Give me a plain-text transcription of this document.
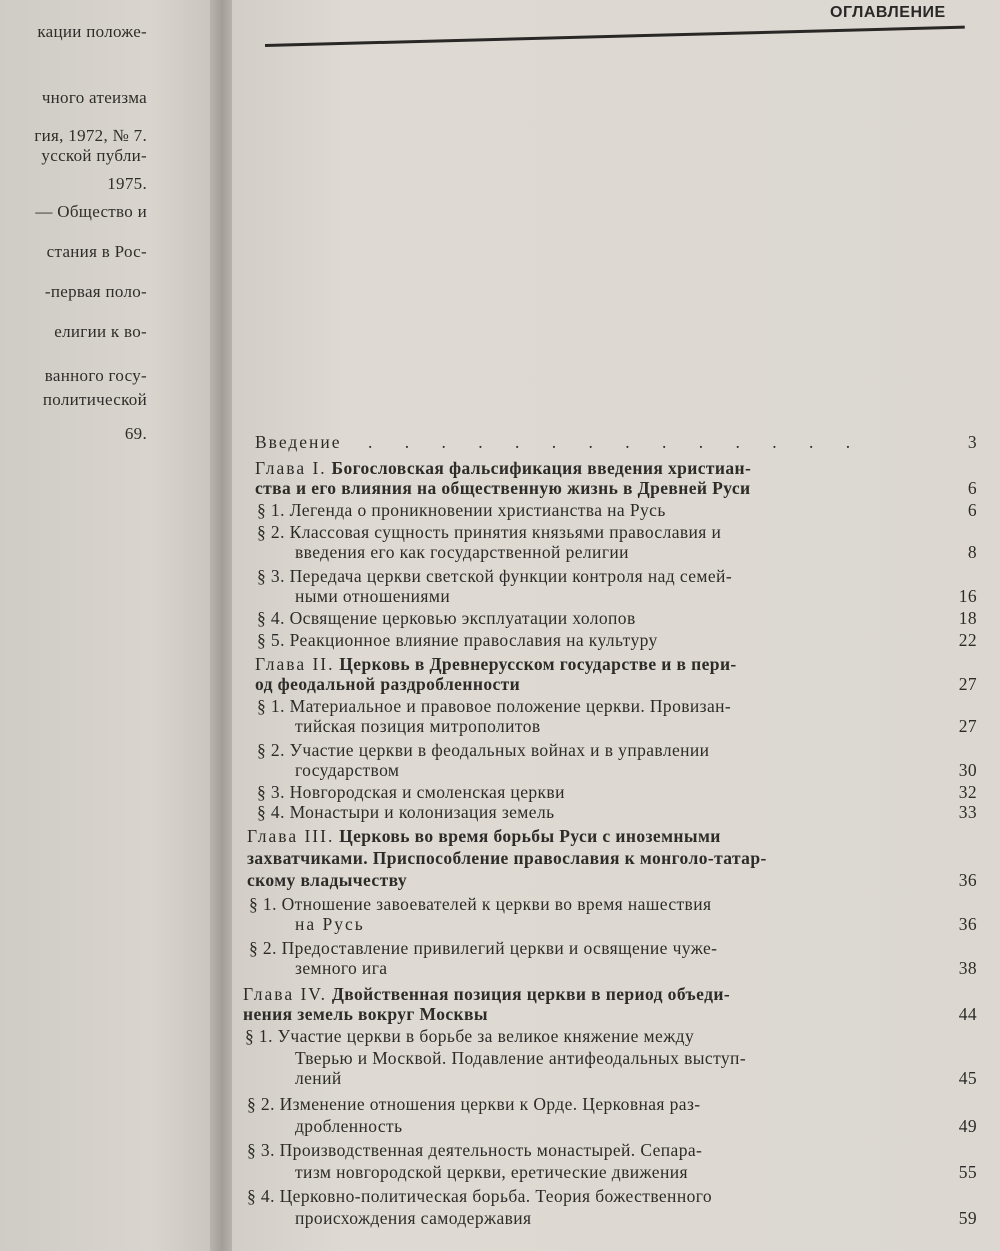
кации положе-
чного атеизма
гия, 1972, № 7.
усской публи-
1975.
— Общество и
стания в Рос-
-первая поло-
елигии к во-
ванного госу-
политической
69.
ОГЛАВЛЕНИЕ
Введение . . . . . . . . . . . . . .	3
Глава I. Богословская фальсификация введения христиан-
ства и его влияния на общественную жизнь в Древней Руси	6
§ 1. Легенда о проникновении христианства на Русь	6
§ 2. Классовая сущность принятия князьями православия и
введения его как государственной религии	8
§ 3. Передача церкви светской функции контроля над семей-
ными отношениями	16
§ 4. Освящение церковью эксплуатации холопов	18
§ 5. Реакционное влияние православия на культуру	22
Глава II. Церковь в Древнерусском государстве и в пери-
од феодальной раздробленности	27
§ 1. Материальное и правовое положение церкви. Провизан-
тийская позиция митрополитов	27
§ 2. Участие церкви в феодальных войнах и в управлении
государством	30
§ 3. Новгородская и смоленская церкви	32
§ 4. Монастыри и колонизация земель	33
Глава III. Церковь во время борьбы Руси с иноземными
захватчиками. Приспособление православия к монголо-татар-
скому владычеству	36
§ 1. Отношение завоевателей к церкви во время нашествия
на Русь	36
§ 2. Предоставление привилегий церкви и освящение чуже-
земного ига	38
Глава IV. Двойственная позиция церкви в период объеди-
нения земель вокруг Москвы	44
§ 1. Участие церкви в борьбе за великое княжение между
Тверью и Москвой. Подавление антифеодальных выступ-
лений	45
§ 2. Изменение отношения церкви к Орде. Церковная раз-
дробленность	49
§ 3. Производственная деятельность монастырей. Сепара-
тизм новгородской церкви, еретические движения	55
§ 4. Церковно-политическая борьба. Теория божественного
происхождения самодержавия	59
